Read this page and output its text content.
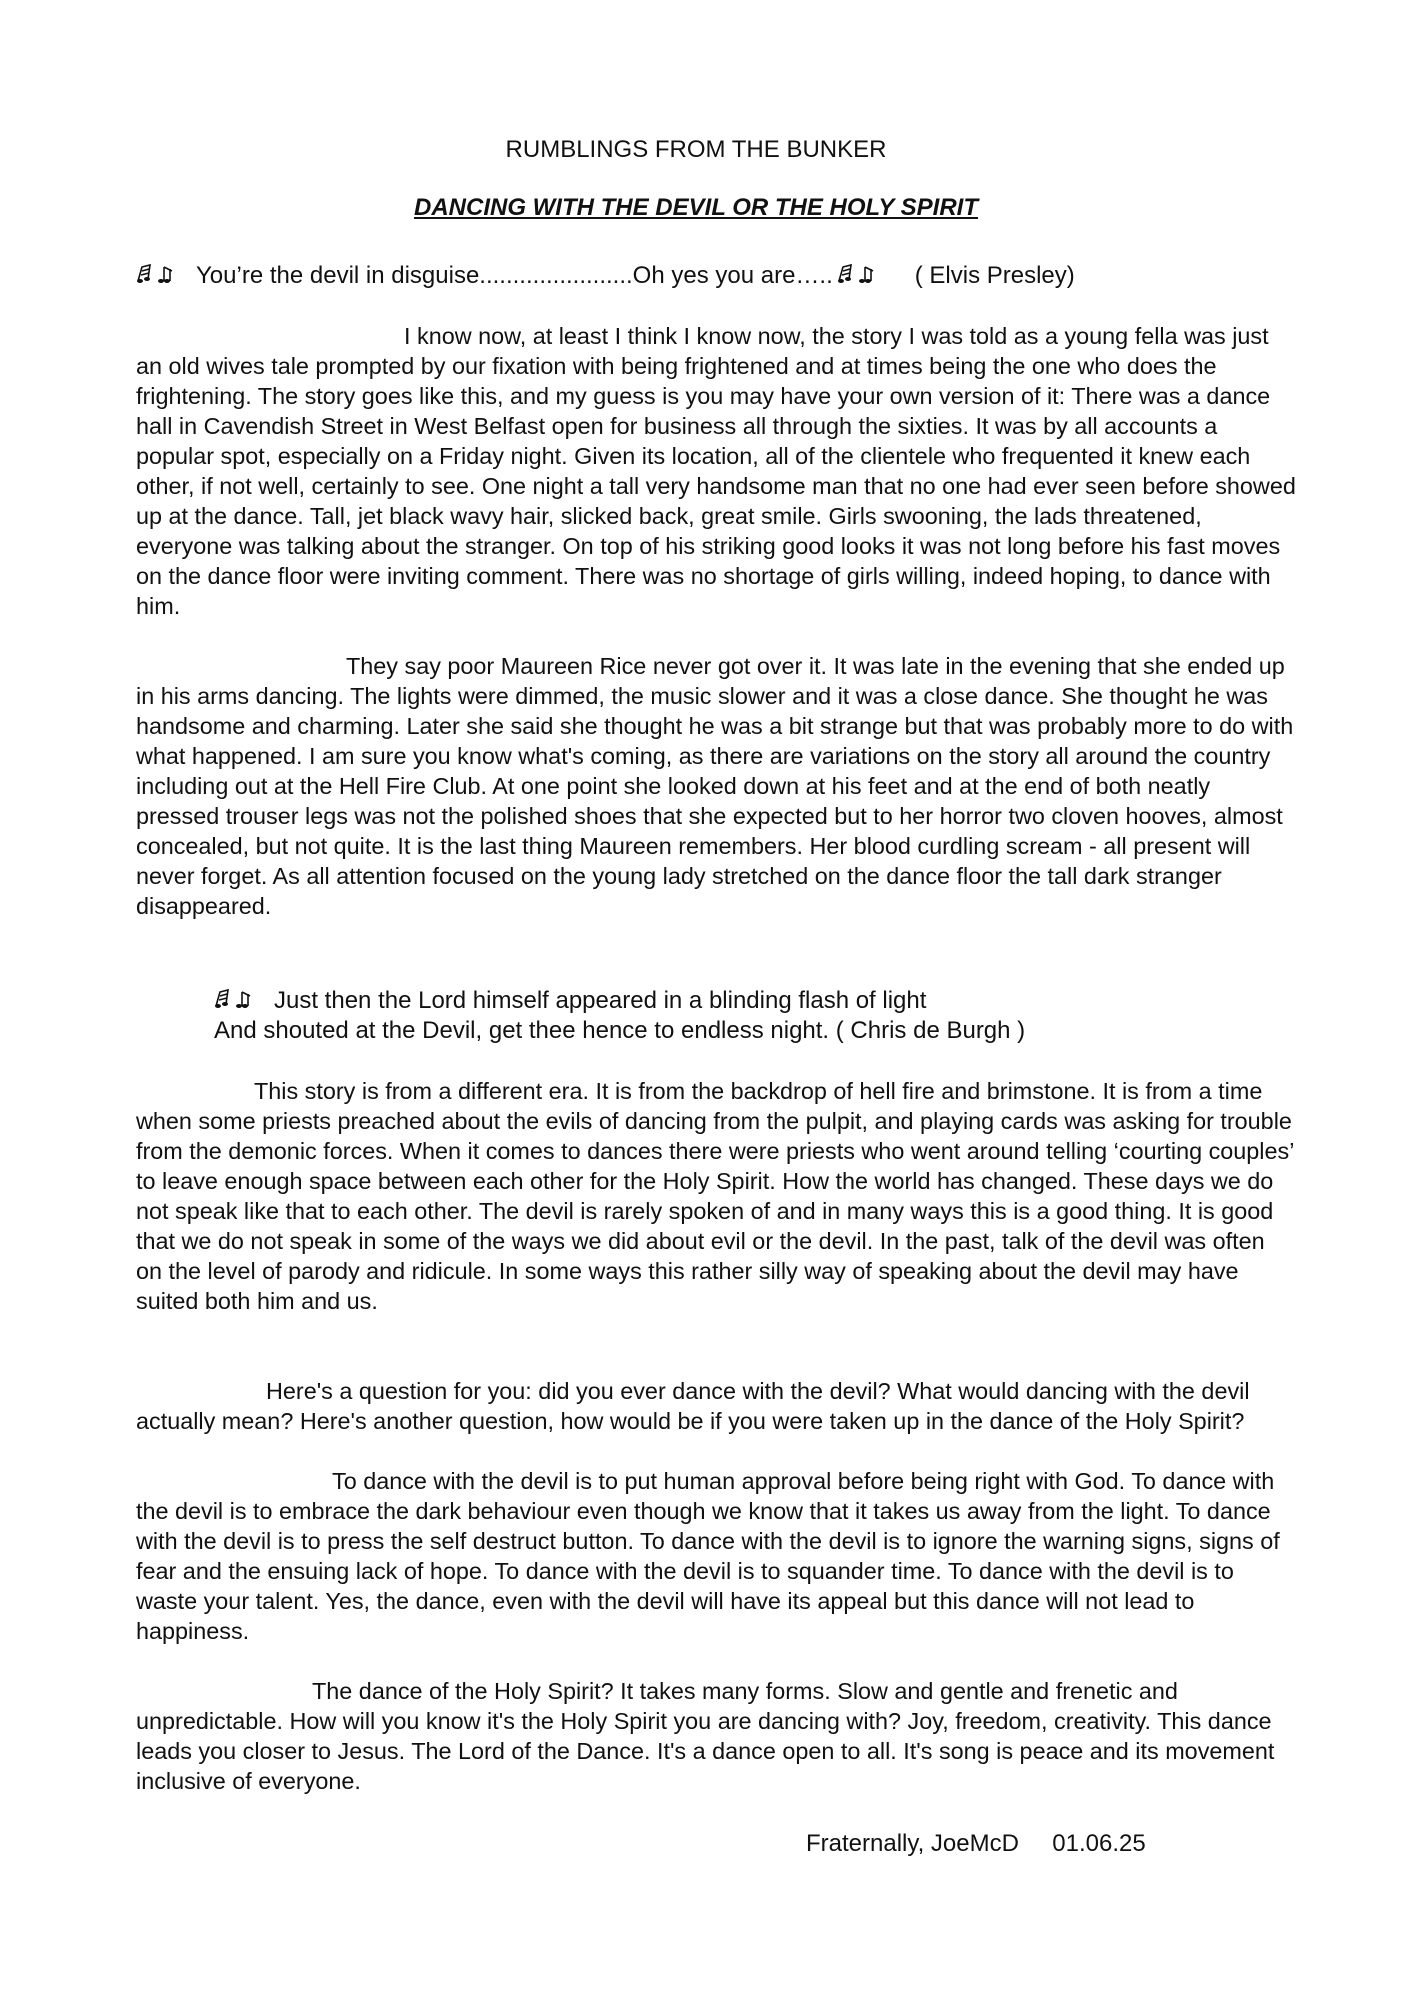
RUMBLINGS FROM THE BUNKER
DANCING WITH THE DEVIL OR THE HOLY SPIRIT
You’re the devil in disguise.......................Oh yes you are…..	( Elvis Presley)

I know now, at least I think I know now, the story I was told as a young fella was just an old wives tale prompted by our fixation with being frightened and at times being the one who does the frightening. The story goes like this, and my guess is you may have your own version of it: There was a dance hall in Cavendish Street in West Belfast open for business all through the sixties. It was by all accounts a popular spot, especially on a Friday night. Given its location, all of the clientele who frequented it knew each other, if not well, certainly to see. One night a tall very handsome man that no one had ever seen before showed up at the dance. Tall, jet black wavy hair, slicked back, great smile. Girls swooning, the lads threatened, everyone was talking about the stranger. On top of his striking good looks it was not long before his fast moves on the dance floor were inviting comment. There was no shortage of girls willing, indeed hoping, to dance with him.

They say poor Maureen Rice never got over it. It was late in the evening that she ended up in his arms dancing. The lights were dimmed, the music slower and it was a close dance. She thought he was handsome and charming. Later she said she thought he was a bit strange but that was probably more to do with what happened. I am sure you know what's coming, as there are variations on the story all around the country including out at the Hell Fire Club. At one point she looked down at his feet and at the end of both neatly pressed trouser legs was not the polished shoes that she expected but to her horror two cloven hooves, almost concealed, but not quite. It is the last thing Maureen remembers. Her blood curdling scream - all present will never forget. As all attention focused on the young lady stretched on the dance floor the tall dark stranger disappeared.

Just then the Lord himself appeared in a blinding flash of light
And shouted at the Devil, get thee hence to endless night. ( Chris de Burgh )

This story is from a different era. It is from the backdrop of hell fire and brimstone. It is from a time when some priests preached about the evils of dancing from the pulpit, and playing cards was asking for trouble from the demonic forces. When it comes to dances there were priests who went around telling ‘courting couples’ to leave enough space between each other for the Holy Spirit. How the world has changed. These days we do not speak like that to each other. The devil is rarely spoken of and in many ways this is a good thing. It is good that we do not speak in some of the ways we did about evil or the devil. In the past, talk of the devil was often on the level of parody and ridicule. In some ways this rather silly way of speaking about the devil may have suited both him and us.

Here's a question for you: did you ever dance with the devil? What would dancing with the devil actually mean? Here's another question, how would be if you were taken up in the dance of the Holy Spirit?

To dance with the devil is to put human approval before being right with God. To dance with the devil is to embrace the dark behaviour even though we know that it takes us away from the light. To dance with the devil is to press the self destruct button. To dance with the devil is to ignore the warning signs, signs of fear and the ensuing lack of hope. To dance with the devil is to squander time. To dance with the devil is to waste your talent. Yes, the dance, even with the devil will have its appeal but this dance will not lead to happiness.

The dance of the Holy Spirit? It takes many forms. Slow and gentle and frenetic and unpredictable. How will you know it's the Holy Spirit you are dancing with? Joy, freedom, creativity. This dance leads you closer to Jesus. The Lord of the Dance. It's a dance open to all. It's song is peace and its movement inclusive of everyone.

Fraternally, JoeMcD     01.06.25
